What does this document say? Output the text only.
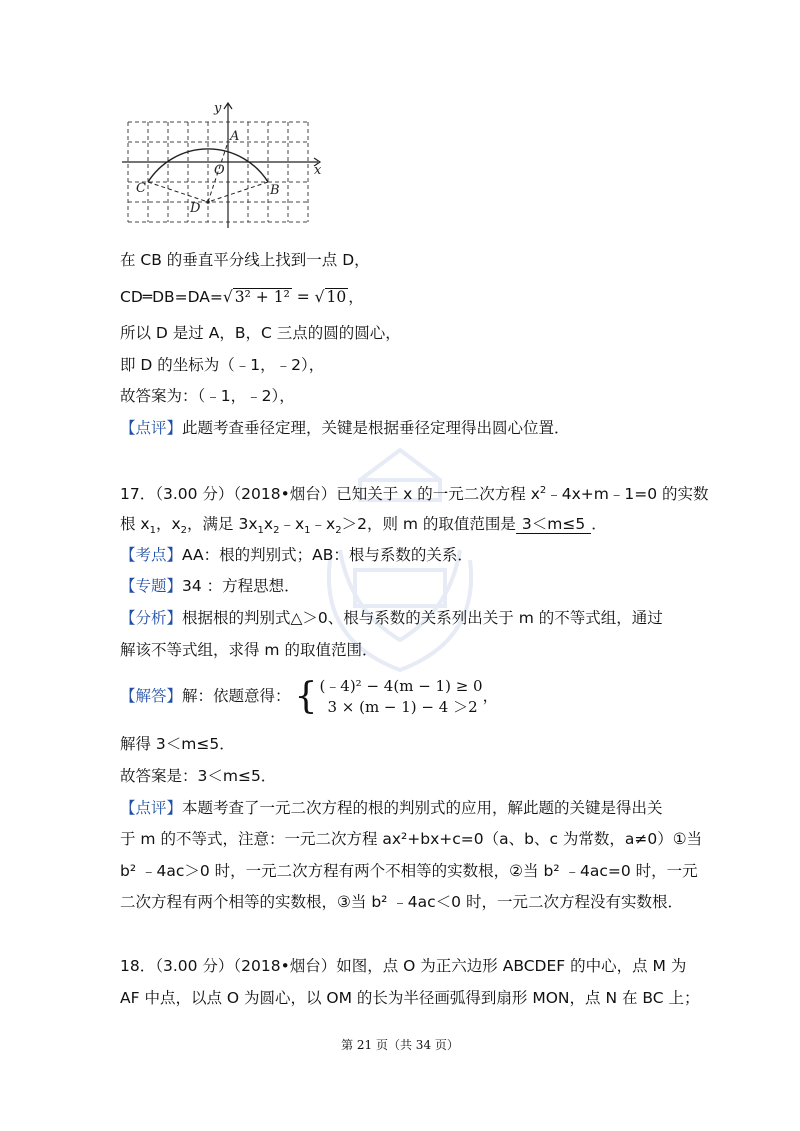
y
x
A
O
C	B
D
在 CB 的垂直平分线上找到一点 D，
CD═DB=DA=√ 3² + 1² = √ 10 ，
所以 D 是过 A，B，C 三点的圆的圆心，
即 D 的坐标为（﹣1，﹣2），
故答案为：（﹣1，﹣2），
【点评】此题考查垂径定理，关键是根据垂径定理得出圆心位置．
17．（3.00 分）（2018•烟台）已知关于 x 的一元二次方程 $x^2﹣4x+m﹣1=0$ 的实数
根 $x_1$，$x_2$，满足 $3x_1x_2﹣x_1﹣x_2>2$，则 m 的取值范围是 3＜m≤5 ．
【考点】AA：根的判别式；AB：根与系数的关系．
【专题】34 ：方程思想．
【分析】根据根的判别式△＞0、根与系数的关系列出关于 m 的不等式组，通过
解该不等式组，求得 m 的取值范围．
【解答】解：依题意得： { (﹣4)² − 4(m − 1) ≥ 0
3 × (m − 1) − 4 ＞2，
解得 3＜m≤5．
故答案是：3＜m≤5．
【点评】本题考查了一元二次方程的根的判别式的应用，解此题的关键是得出关
于 m 的不等式，注意：一元二次方程 ax²+bx+c=0（a、b、c 为常数，a≠0）①当
b² ﹣4ac＞0 时，一元二次方程有两个不相等的实数根，②当 b² ﹣4ac=0 时，一元
二次方程有两个相等的实数根，③当 b² ﹣4ac＜0 时，一元二次方程没有实数根．
18．（3.00 分）（2018•烟台）如图，点 O 为正六边形 ABCDEF 的中心，点 M 为
AF 中点，以点 O 为圆心，以 OM 的长为半径画弧得到扇形 MON，点 N 在 BC 上；
第 21 页（共 34 页）
